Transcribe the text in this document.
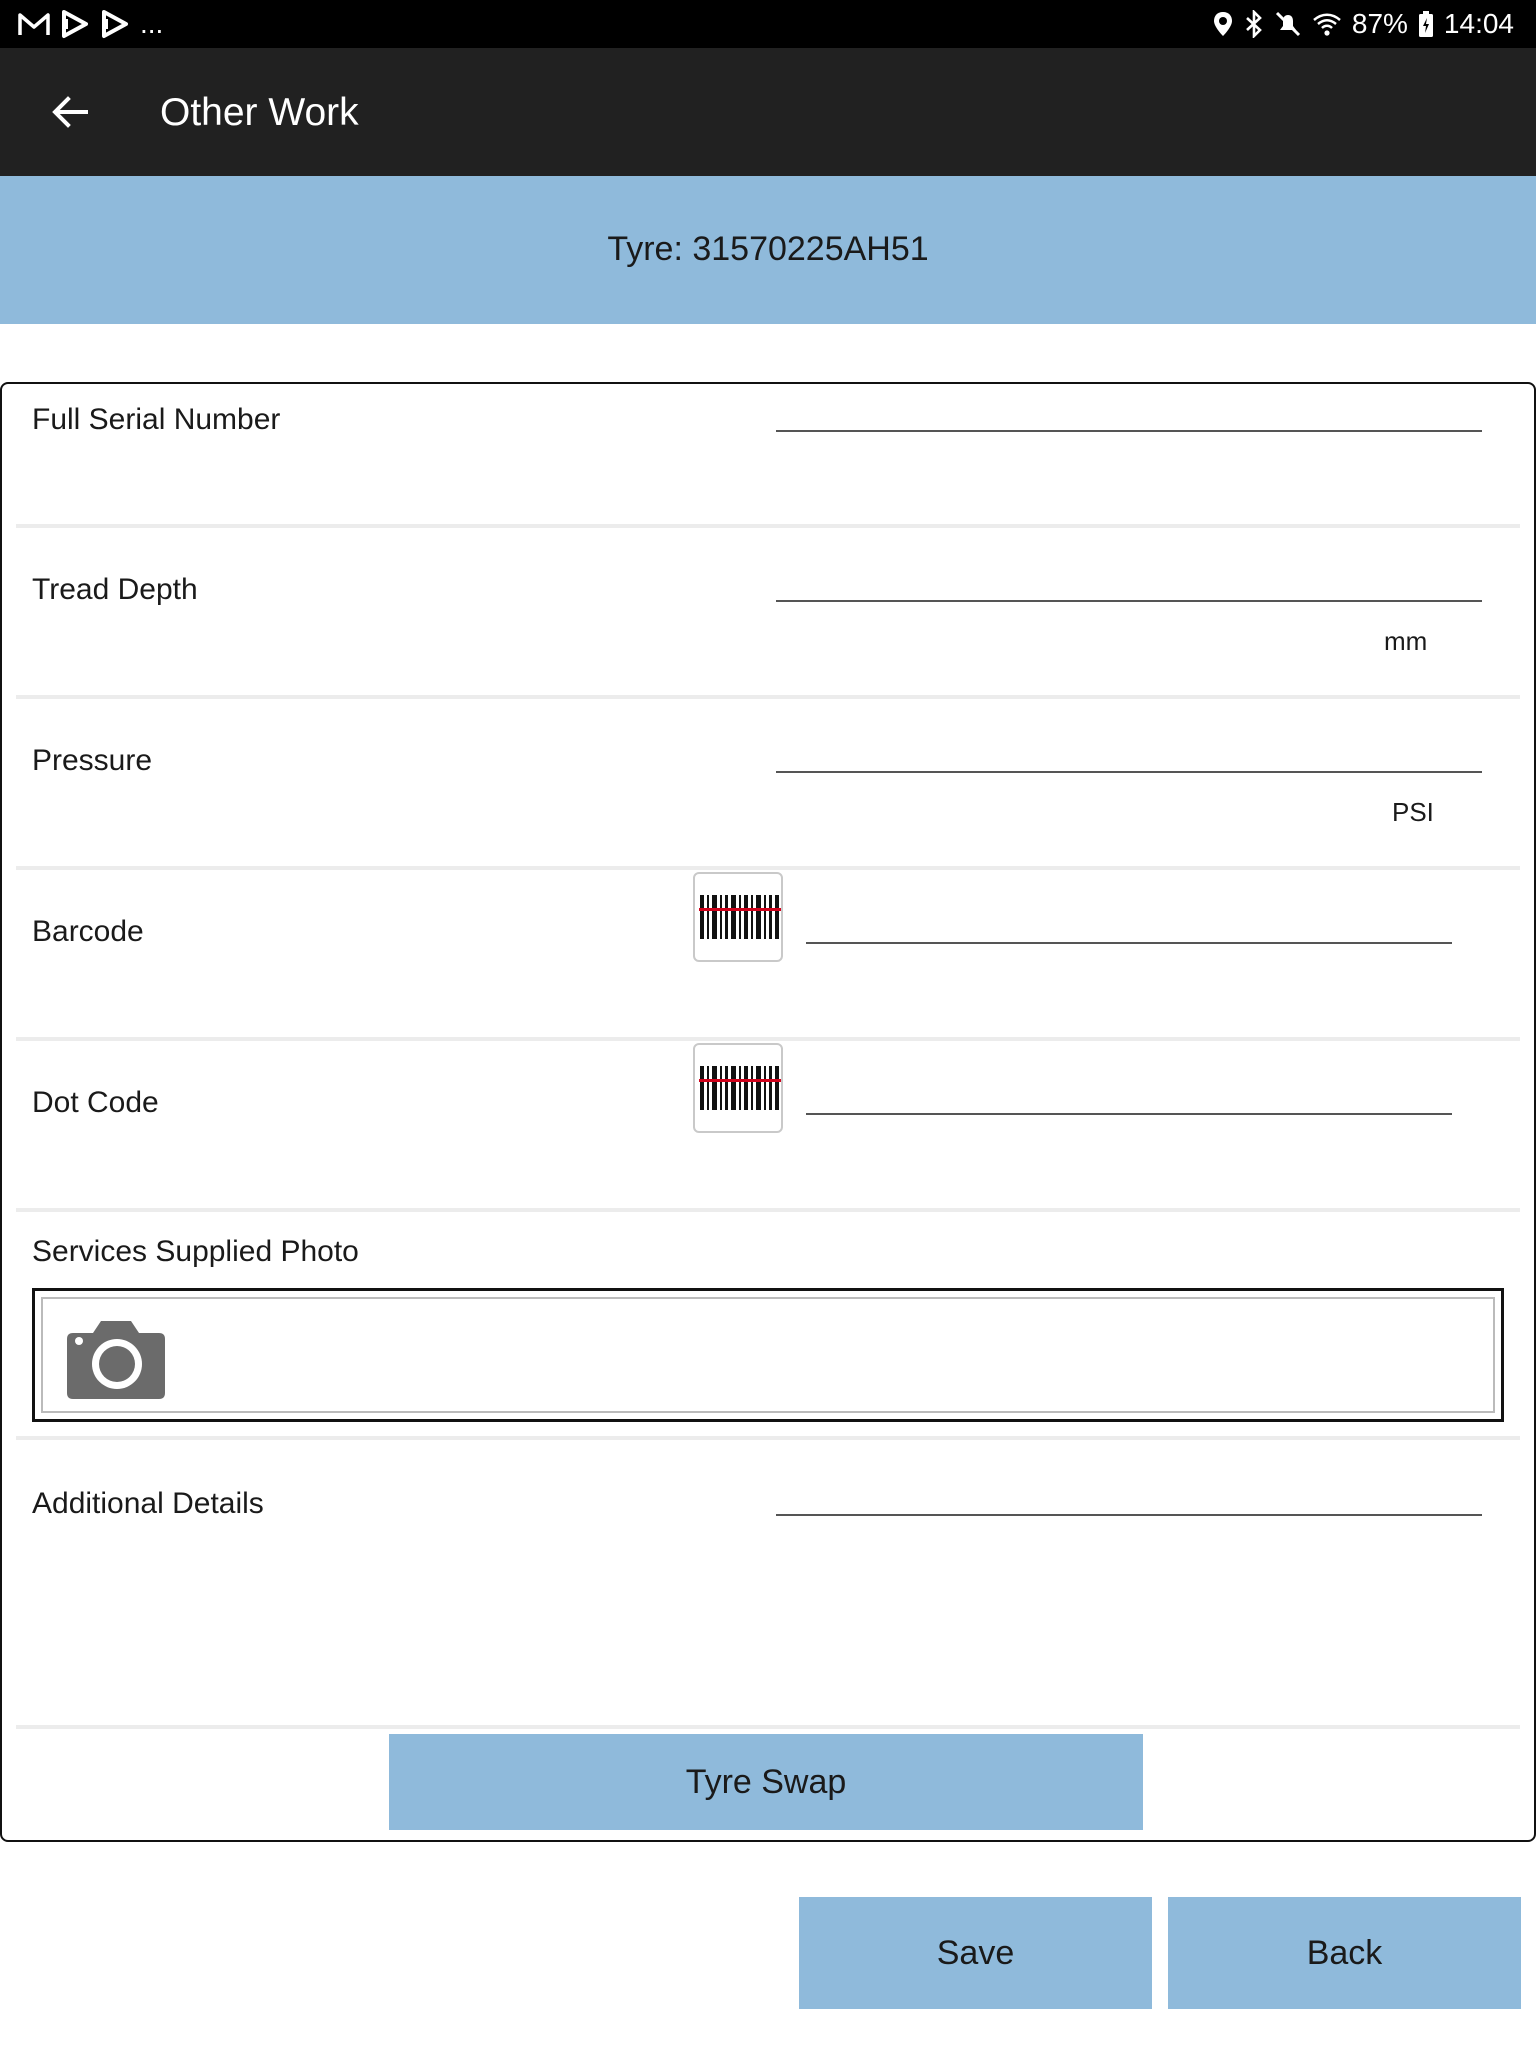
...	87% 14:04
Other Work
Tyre: 31570225AH51
Full Serial Number
Tread Depth
mm
Pressure
PSI
Barcode
Dot Code
Services Supplied Photo
Additional Details
Tyre Swap
Save	Back
